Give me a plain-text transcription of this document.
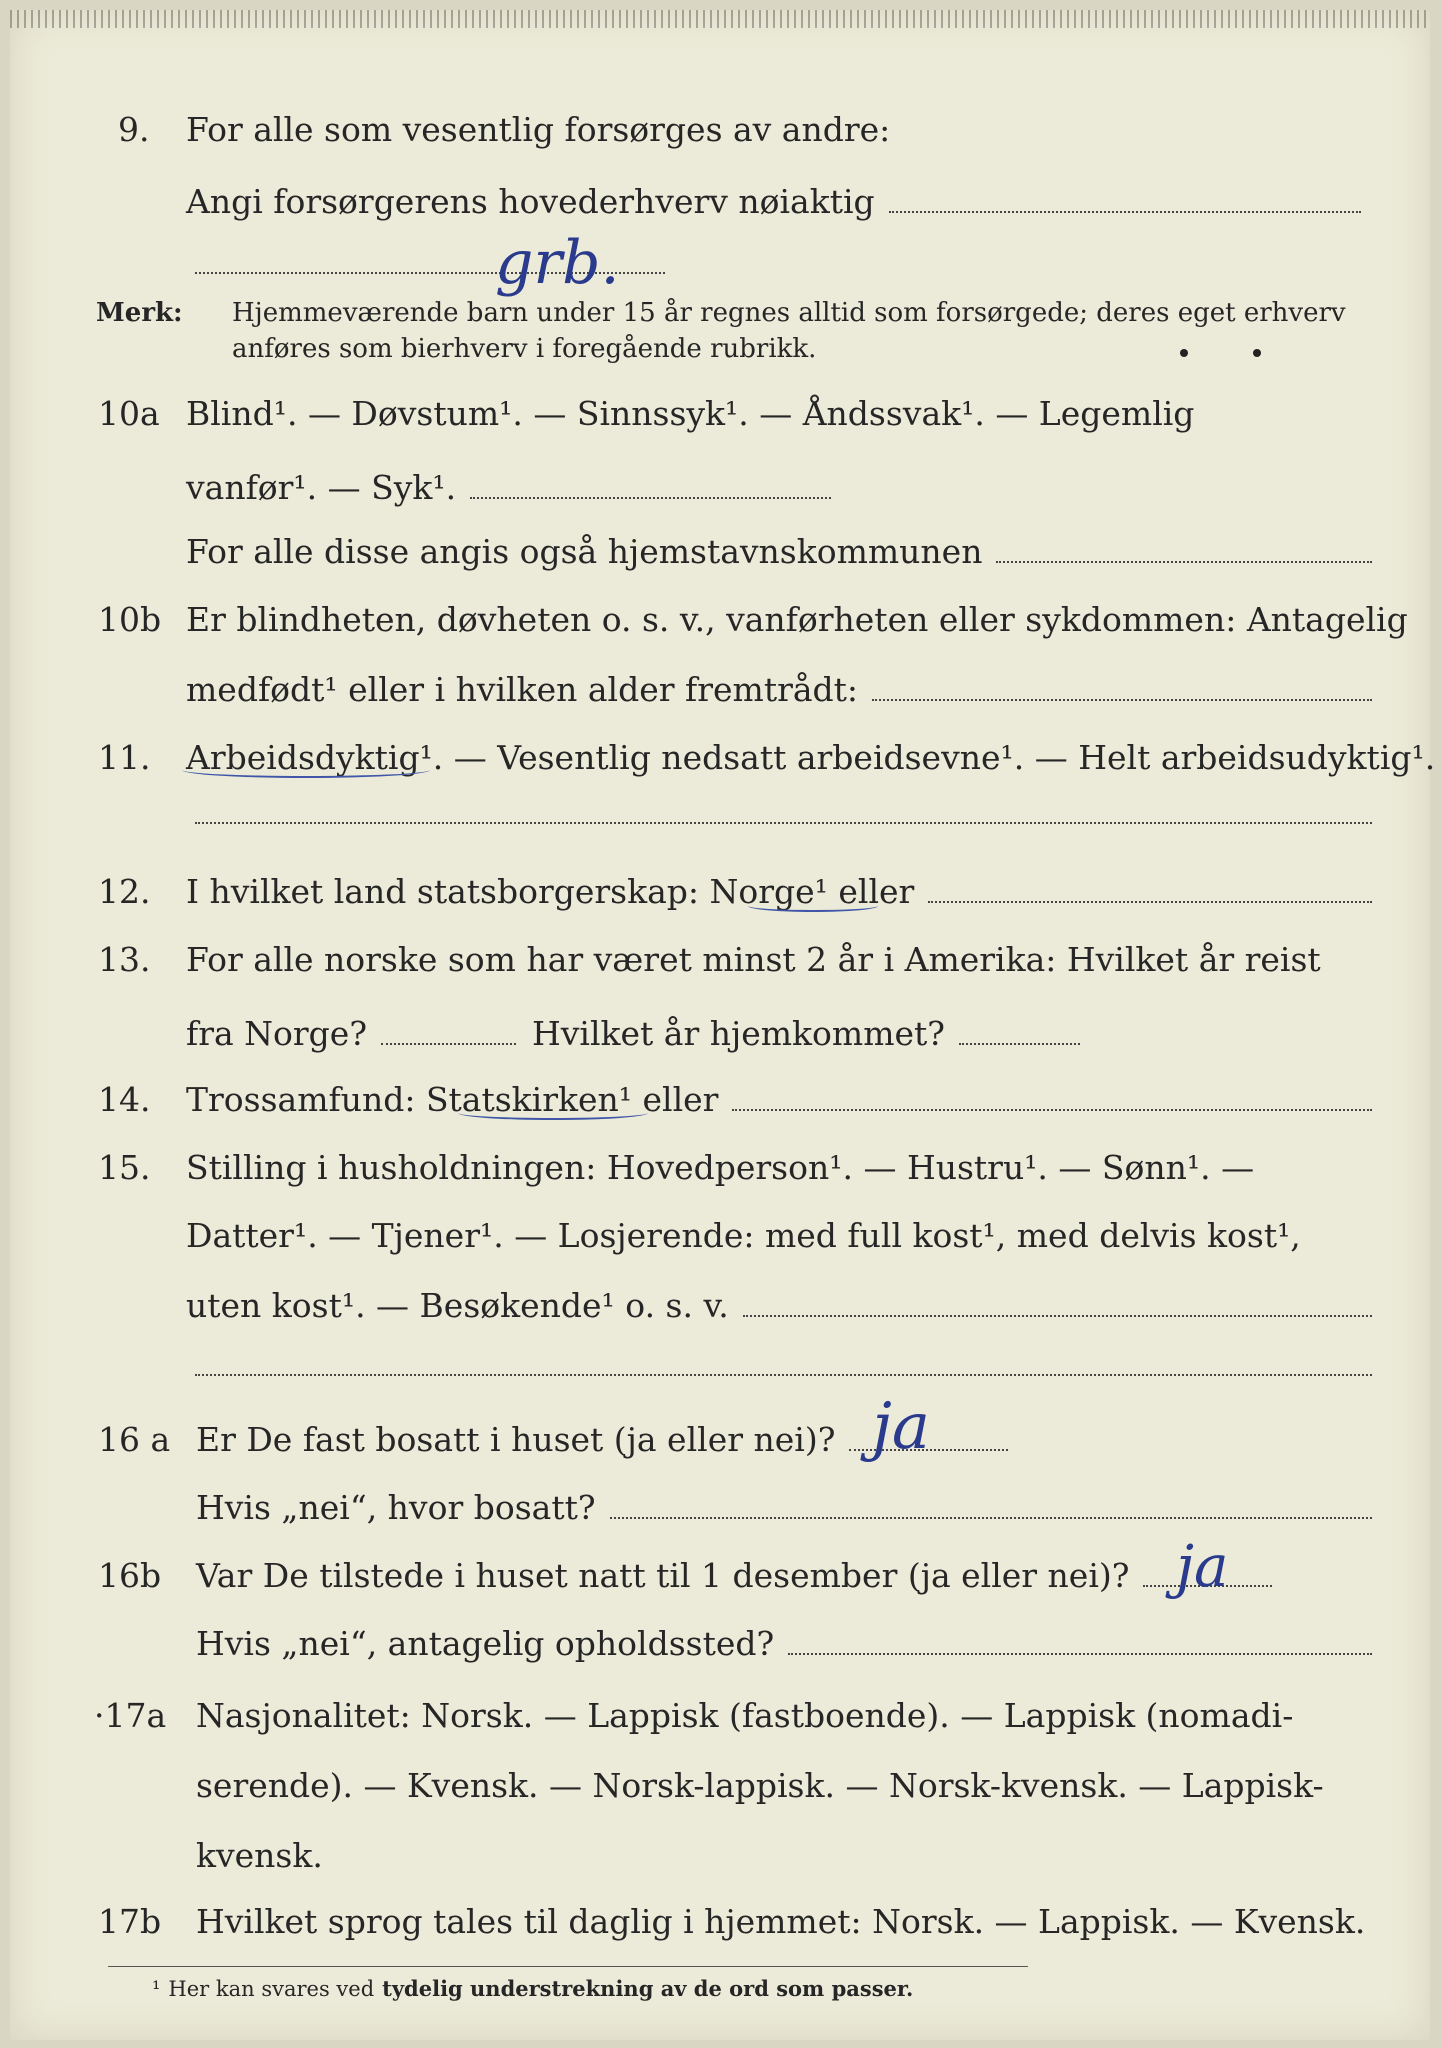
9. For alle som vesentlig forsørges av andre:
Angi forsørgerens hovederhverv nøiaktig
grb.
Merk: Hjemmeværende barn under 15 år regnes alltid som forsørgede; deres eget erhverv
anføres som bierhverv i foregående rubrikk.
10a Blind¹. — Døvstum¹. — Sinnssyk¹. — Åndssvak¹. — Legemlig
vanfør¹. — Syk¹.
For alle disse angis også hjemstavnskommunen
10b Er blindheten, døvheten o. s. v., vanførheten eller sykdommen: Antagelig
medfødt¹ eller i hvilken alder fremtrådt:
11. Arbeidsdyktig¹. — Vesentlig nedsatt arbeidsevne¹. — Helt arbeidsudyktig¹.
12. I hvilket land statsborgerskap: Norge¹ eller
13. For alle norske som har været minst 2 år i Amerika: Hvilket år reist
fra Norge?	Hvilket år hjemkommet?
14. Trossamfund: Statskirken¹ eller
15. Stilling i husholdningen: Hovedperson¹. — Hustru¹. — Sønn¹. —
Datter¹. — Tjener¹. — Losjerende: med full kost¹, med delvis kost¹,
uten kost¹. — Besøkende¹ o. s. v.
16 a Er De fast bosatt i huset (ja eller nei)? ja
Hvis „nei“, hvor bosatt?
16b Var De tilstede i huset natt til 1 desember (ja eller nei)? ja
Hvis „nei“, antagelig opholdssted?
·17a Nasjonalitet: Norsk. — Lappisk (fastboende). — Lappisk (nomadi-
serende). — Kvensk. — Norsk-lappisk. — Norsk-kvensk. — Lappisk-
kvensk.
17b Hvilket sprog tales til daglig i hjemmet: Norsk. — Lappisk. — Kvensk.
¹ Her kan svares ved tydelig understrekning av de ord som passer.
